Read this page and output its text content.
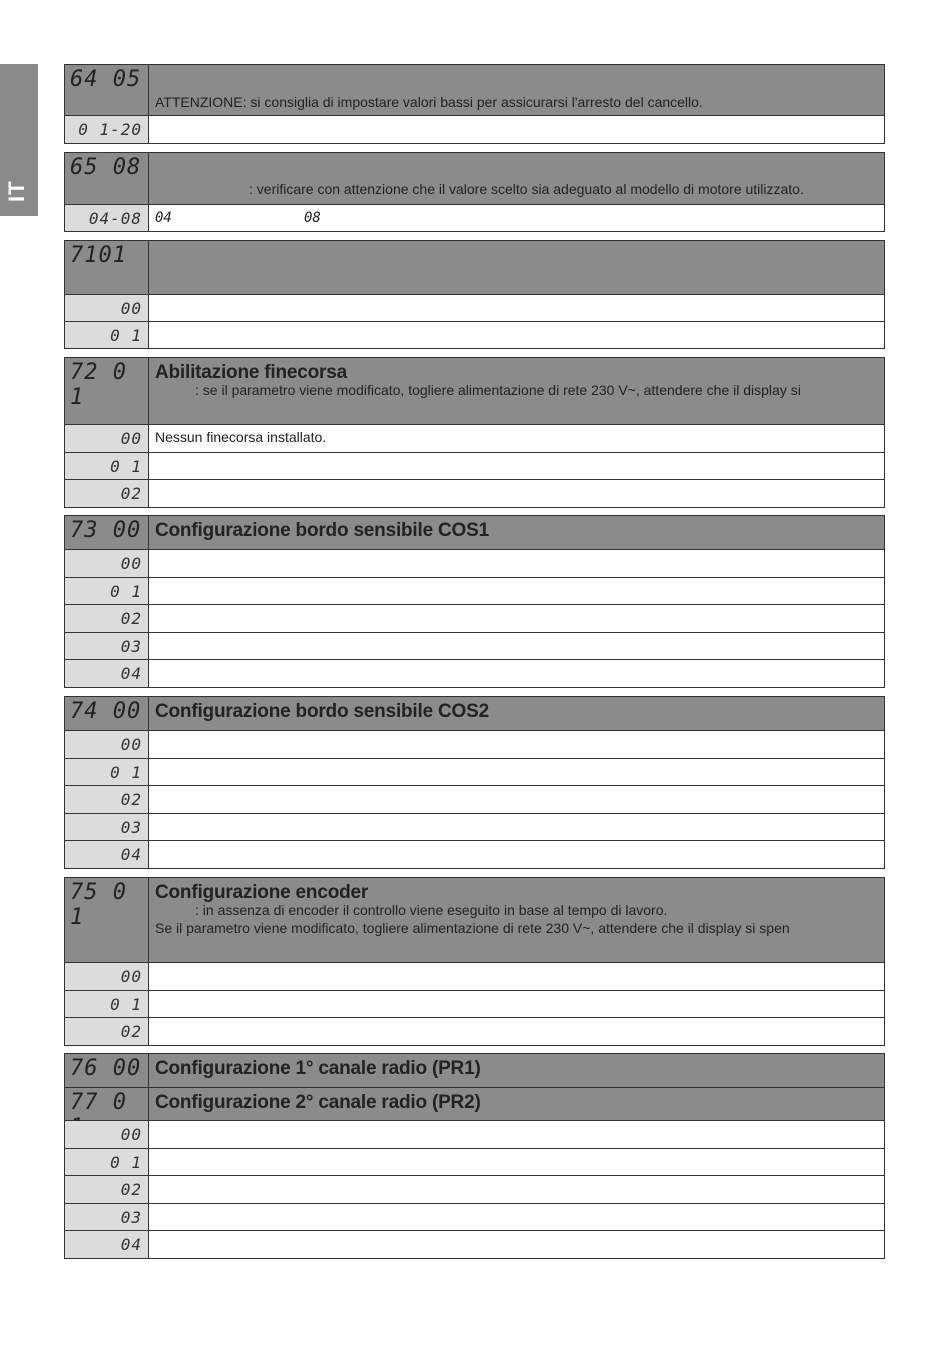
IT
64 05
ATTENZIONE: si consiglia di impostare valori bassi per assicurarsi l'arresto del cancello.
0 1-20
65 08
: verificare con attenzione che il valore scelto sia adeguato al modello di motore utilizzato.
04-08 04	08
7101
00
0 1
72 0 1
Abilitazione finecorsa
: se il parametro viene modificato, togliere alimentazione di rete 230 V~, attendere che il display si
00 Nessun finecorsa installato.
0 1
02
73 00 Configurazione bordo sensibile COS1
00
0 1
02
03
04
74 00 Configurazione bordo sensibile COS2
00
0 1
02
03
04
75 0 1
Configurazione encoder
: in assenza di encoder il controllo viene eseguito in base al tempo di lavoro.
Se il parametro viene modificato, togliere alimentazione di rete 230 V~, attendere che il display si spen
00
0 1
02
76 00 Configurazione 1° canale radio (PR1)
77 0	Configurazione 2° canale radio (PR2)
00
0 1
02
03
04
